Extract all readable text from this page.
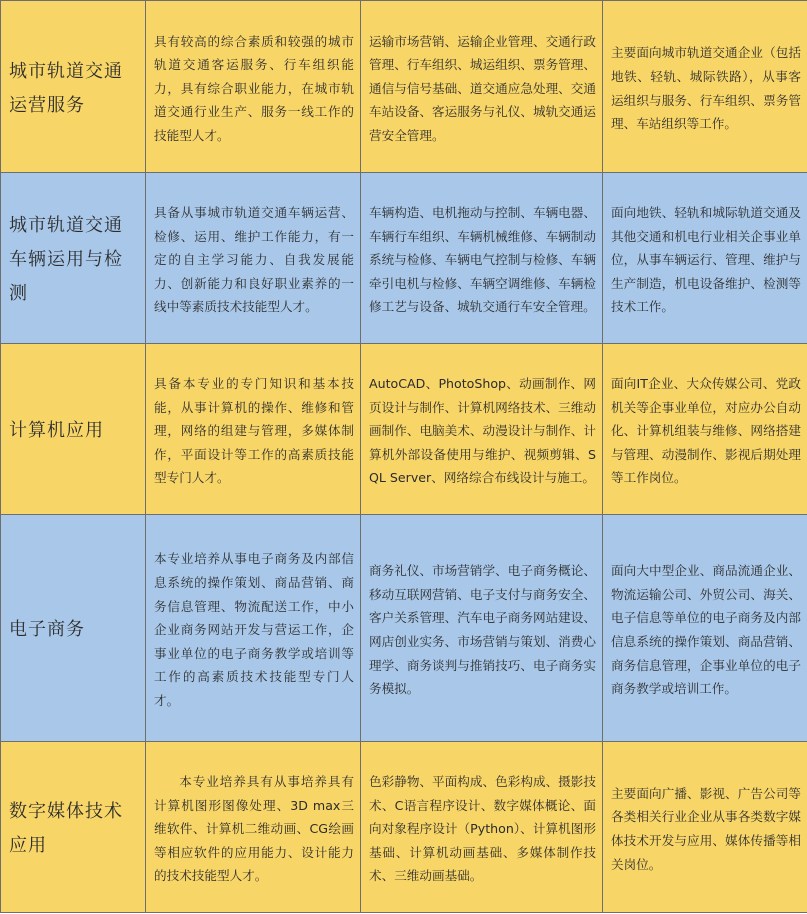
城市轨道交通运营服务	具有较高的综合素质和较强的城市轨道交通客运服务、行车组织能力，具有综合职业能力，在城市轨道交通行业生产、服务一线工作的技能型人才。	运输市场营销、运输企业管理、交通行政管理、行车组织、城运组织、票务管理、通信与信号基础、道交通应急处理、交通车站设备、客运服务与礼仪、城轨交通运营安全管理。	主要面向城市轨道交通企业（包括地铁、轻轨、城际铁路），从事客运组织与服务、行车组织、票务管理、车站组织等工作。
城市轨道交通车辆运用与检测	具备从事城市轨道交通车辆运营、检修、运用、维护工作能力，有一定的自主学习能力、自我发展能力、创新能力和良好职业素养的一线中等素质技术技能型人才。	车辆构造、电机拖动与控制、车辆电器、车辆行车组织、车辆机械维修、车辆制动系统与检修、车辆电气控制与检修、车辆牵引电机与检修、车辆空调维修、车辆检修工艺与设备、城轨交通行车安全管理。	面向地铁、轻轨和城际轨道交通及其他交通和机电行业相关企事业单位，从事车辆运行、管理、维护与生产制造，机电设备维护、检测等技术工作。
计算机应用	具备本专业的专门知识和基本技能，从事计算机的操作、维修和管理，网络的组建与管理，多媒体制作，平面设计等工作的高素质技能型专门人才。	AutoCAD、PhotoShop、动画制作、网页设计与制作、计算机网络技术、三维动画制作、电脑美术、动漫设计与制作、计算机外部设备使用与维护、视频剪辑、SQL Server、网络综合布线设计与施工。	面向IT企业、大众传媒公司、党政机关等企事业单位，对应办公自动化、计算机组装与维修、网络搭建与管理、动漫制作、影视后期处理等工作岗位。
电子商务	本专业培养从事电子商务及内部信息系统的操作策划、商品营销、商务信息管理、物流配送工作，中小企业商务网站开发与营运工作，企事业单位的电子商务教学或培训等工作的高素质技术技能型专门人才。	商务礼仪、市场营销学、电子商务概论、移动互联网营销、电子支付与商务安全、客户关系管理、汽车电子商务网站建设、网店创业实务、市场营销与策划、消费心理学、商务谈判与推销技巧、电子商务实务模拟。	面向大中型企业、商品流通企业、物流运输公司、外贸公司、海关、电子信息等单位的电子商务及内部信息系统的操作策划、商品营销、商务信息管理，企事业单位的电子商务教学或培训工作。
数字媒体技术应用	本专业培养具有从事培养具有计算机图形图像处理、3D max三维软件、计算机二维动画、CG绘画等相应软件的应用能力、设计能力的技术技能型人才。	色彩静物、平面构成、色彩构成、摄影技术、C语言程序设计、数字媒体概论、面向对象程序设计（Python）、计算机图形基础、计算机动画基础、多媒体制作技术、三维动画基础。	主要面向广播、影视、广告公司等各类相关行业企业从事各类数字媒体技术开发与应用、媒体传播等相关岗位。
